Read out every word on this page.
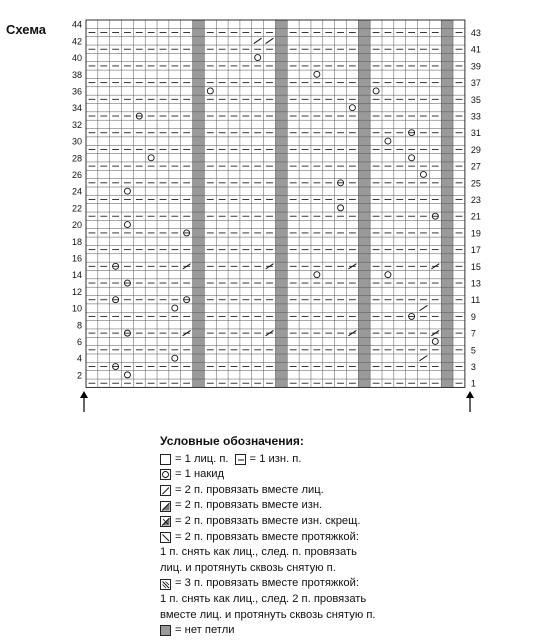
Схема
2
4
6
8
10
12
14
16
18
20
22
24
26
28
30
32
34
36
38
40
42
44
1
3
5
7
9
11
13
15
17
19
21
23
25
27
29
31
33
35
37
39
41
43
Условные обозначения:
= 1 лиц. п. = 1 изн. п.
= 1 накид
= 2 п. провязать вместе лиц.
= 2 п. провязать вместе изн.
= 2 п. провязать вместе изн. скрещ.
= 2 п. провязать вместе протяжкой:
1 п. снять как лиц., след. п. провязать
лиц. и протянуть сквозь снятую п.
= 3 п. провязать вместе протяжкой:
1 п. снять как лиц., след. 2 п. провязать
вместе лиц. и протянуть сквозь снятую п.
= нет петли
